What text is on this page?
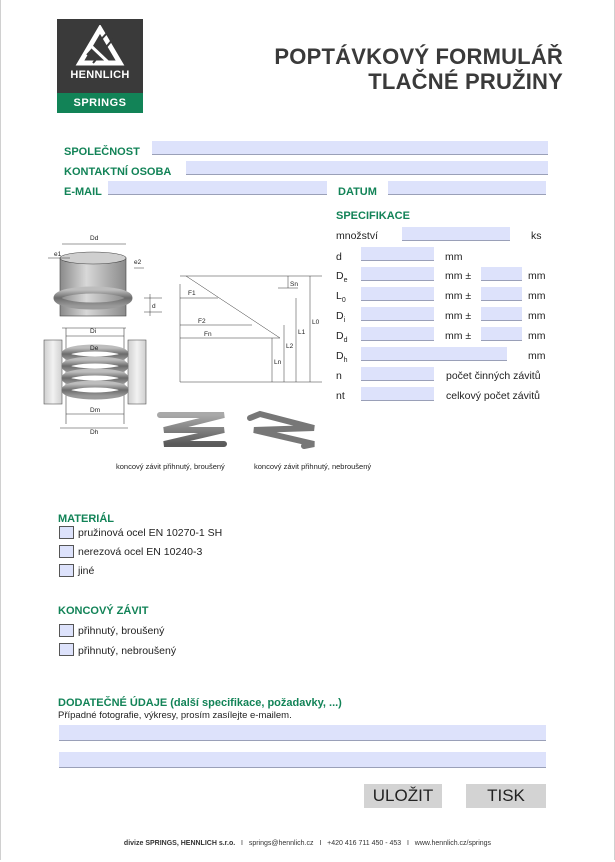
HENNLICH
SPRINGS
POPTÁVKOVÝ FORMULÁŘ
TLAČNÉ PRUŽINY
SPOLEČNOST
KONTAKTNÍ OSOBA
E-MAIL	DATUM
SPECIFIKACE
množství	ks
d	mm
$D_e$	mm ±	mm
$L_0$	mm ±	mm
$D_i$	mm ±	mm
$D_d$	mm ±	mm
$D_h$	mm
n	počet činných závitů
nt	celkový počet závitů
Dd
e1
e2
d
Di
De
Dm
Dh
F1
F2
Fn
Sn
L0
L1
L2
Ln
koncový závit přihnutý, broušený	koncový závit přihnutý, nebroušený
MATERIÁL
pružinová ocel EN 10270-1 SH
nerezová ocel EN 10240-3
jiné
KONCOVÝ ZÁVIT
přihnutý, broušený
přihnutý, nebroušený
DODATEČNÉ ÚDAJE (další specifikace, požadavky, ...)
Případné fotografie, výkresy, prosím zasílejte e-mailem.
ULOŽIT	TISK
divize SPRINGS, HENNLICH s.r.o. I springs@hennlich.cz   I   +420 416 711 450 - 453   I   www.hennlich.cz/springs
